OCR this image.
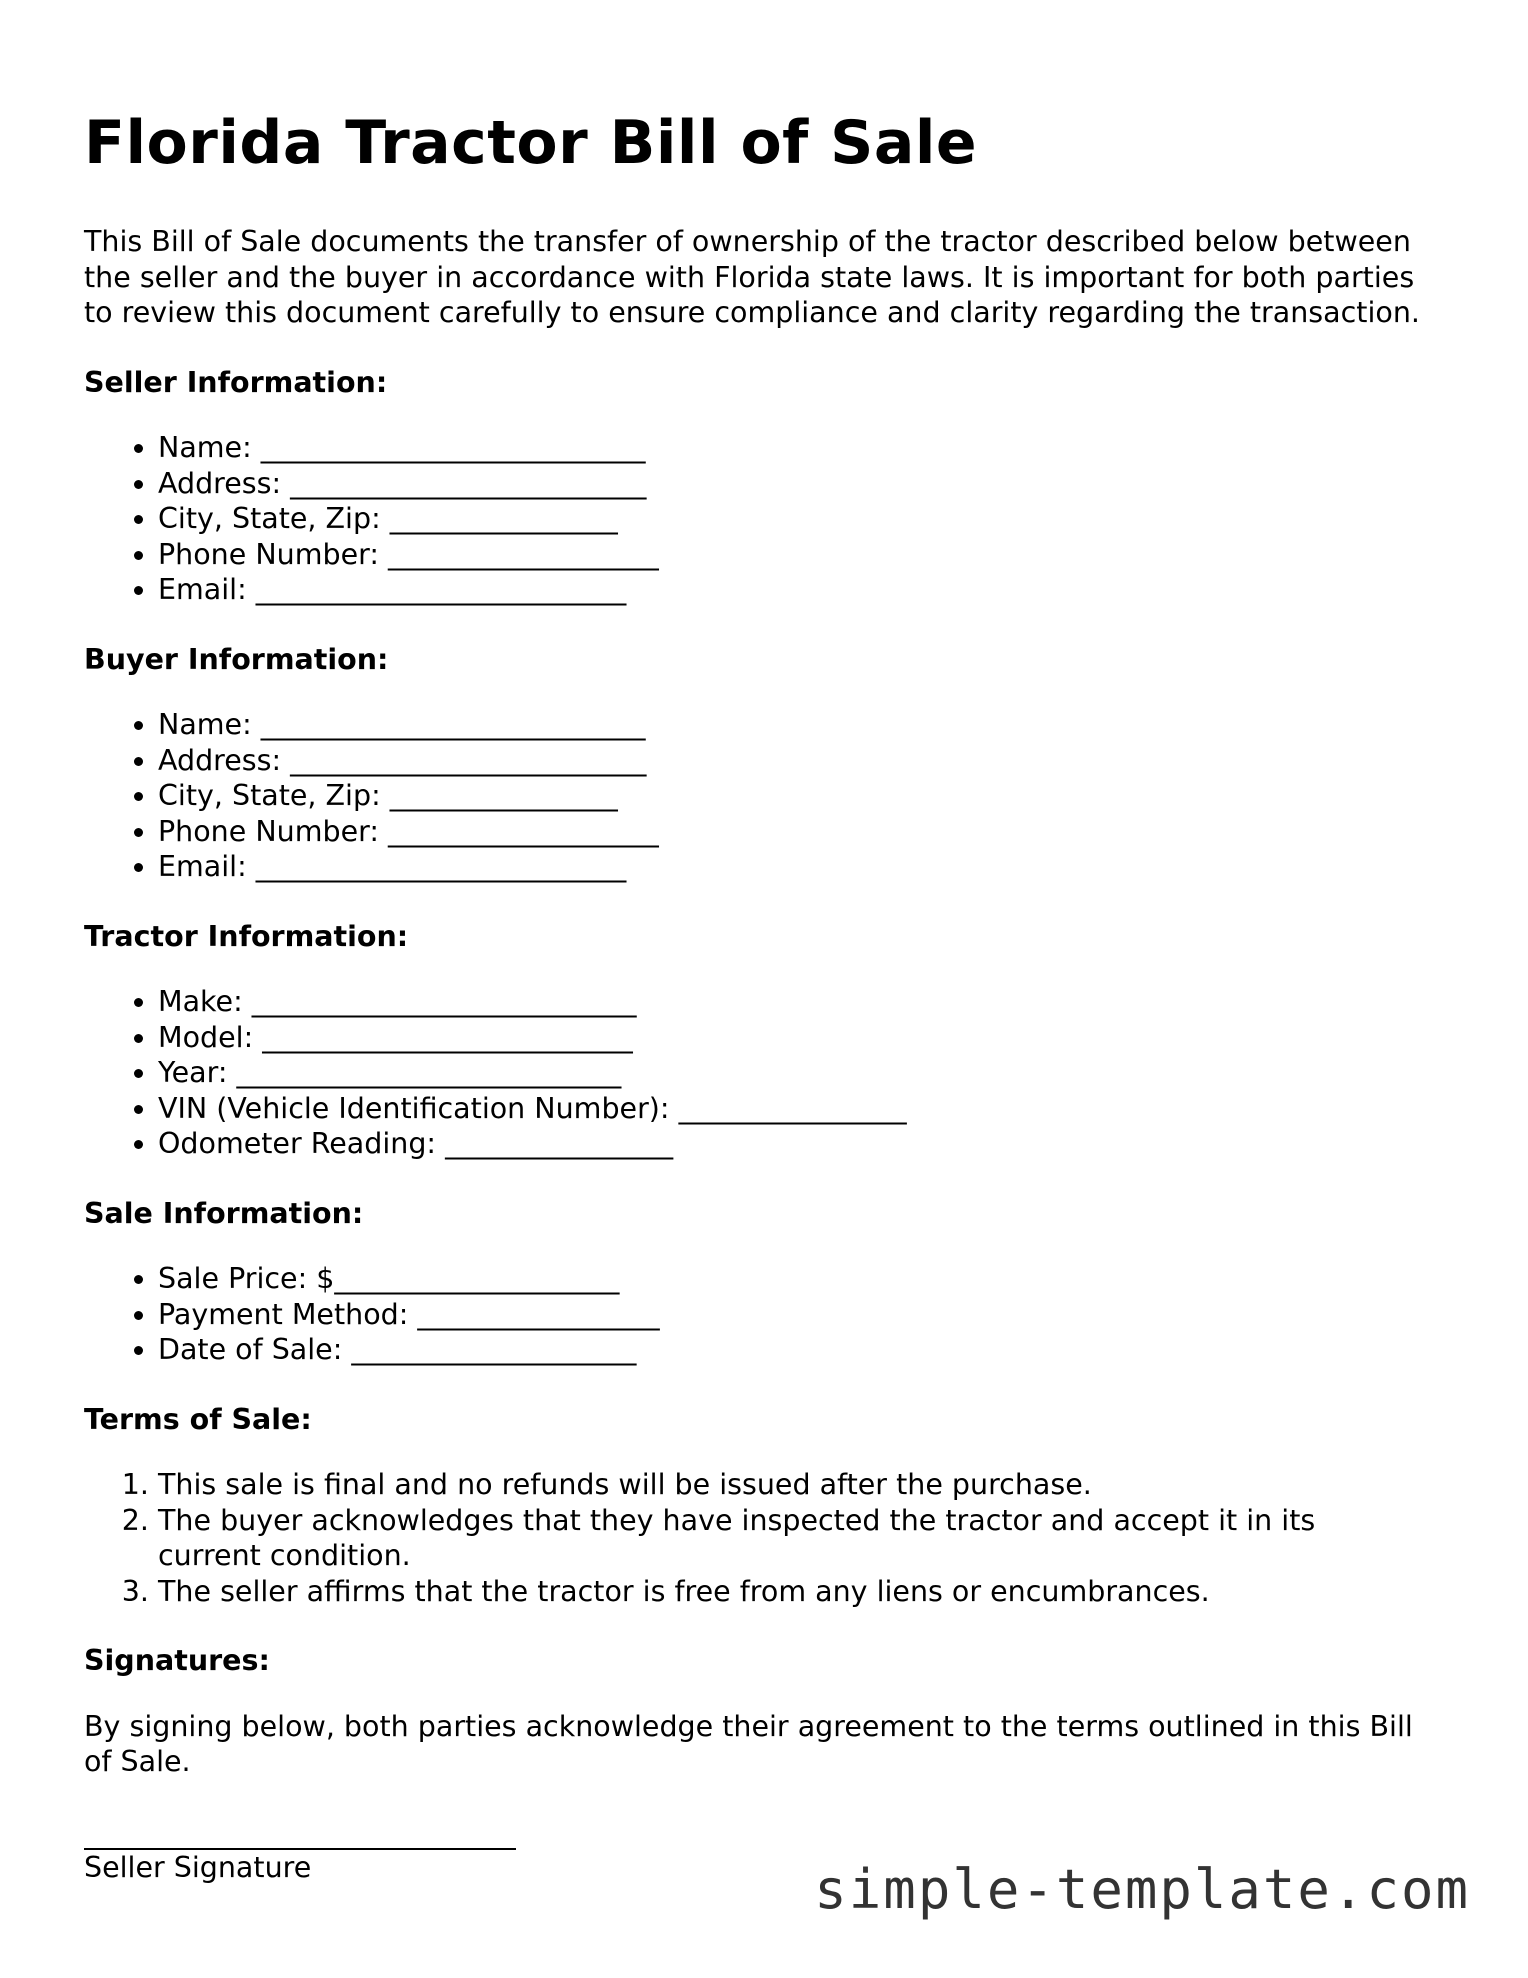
Florida Tractor Bill of Sale

This Bill of Sale documents the transfer of ownership of the tractor described below between the seller and the buyer in accordance with Florida state laws. It is important for both parties to review this document carefully to ensure compliance and clarity regarding the transaction.

Seller Information:
• Name: ___________________________
• Address: _________________________
• City, State, Zip: ________________
• Phone Number: ___________________
• Email: __________________________
Buyer Information:
• Name: ___________________________
• Address: _________________________
• City, State, Zip: ________________
• Phone Number: ___________________
• Email: __________________________
Tractor Information:
• Make: ___________________________
• Model: __________________________
• Year: ___________________________
• VIN (Vehicle Identification Number): ________________
• Odometer Reading: ________________
Sale Information:
• Sale Price: $____________________
• Payment Method: _________________
• Date of Sale: ____________________
Terms of Sale:
1. This sale is final and no refunds will be issued after the purchase.
2. The buyer acknowledges that they have inspected the tractor and accept it in its current condition.
3. The seller affirms that the tractor is free from any liens or encumbrances.
Signatures:

By signing below, both parties acknowledge their agreement to the terms outlined in this Bill of Sale.

Seller Signature	simple-template.com
